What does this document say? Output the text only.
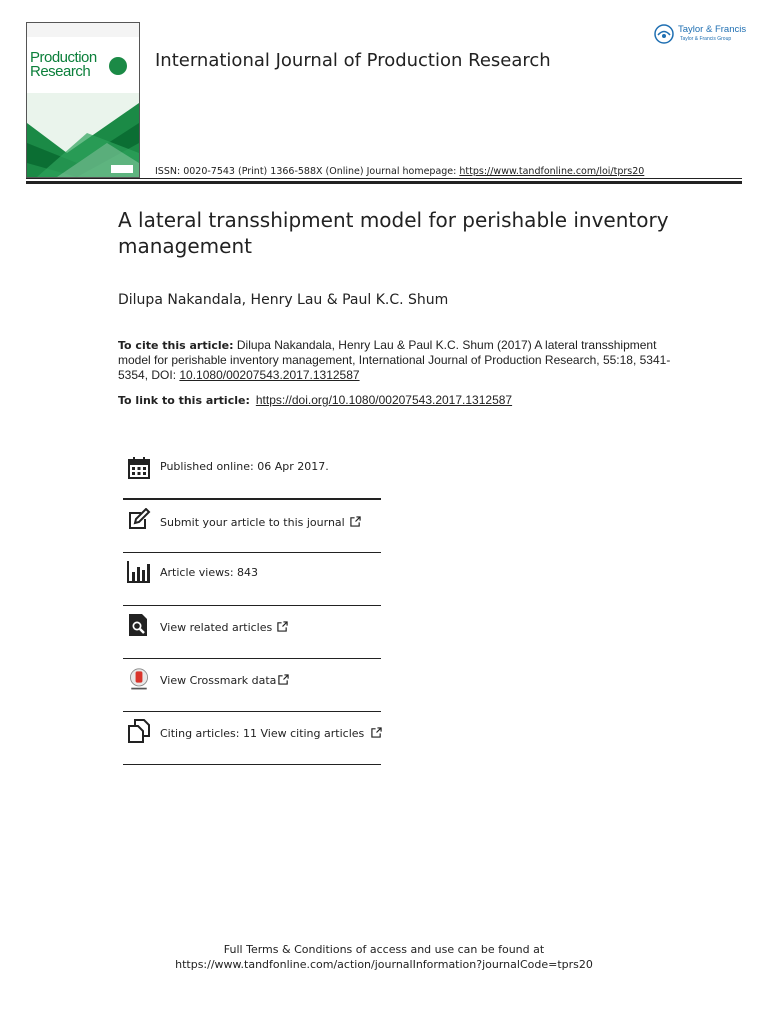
Production
Research
International Journal of Production Research
Taylor & Francis
Taylor & Francis Group
ISSN: 0020-7543 (Print) 1366-588X (Online) Journal homepage: https://www.tandfonline.com/loi/tprs20
A lateral transshipment model for perishable inventory management
Dilupa Nakandala, Henry Lau & Paul K.C. Shum
To cite this article: Dilupa Nakandala, Henry Lau & Paul K.C. Shum (2017) A lateral transshipment model for perishable inventory management, International Journal of Production Research, 55:18, 5341-5354, DOI: 10.1080/00207543.2017.1312587
To link to this article: https://doi.org/10.1080/00207543.2017.1312587
Published online: 06 Apr 2017.
Submit your article to this journal
Article views: 843
View related articles
View Crossmark data
Citing articles: 11 View citing articles
Full Terms & Conditions of access and use can be found at
https://www.tandfonline.com/action/journalInformation?journalCode=tprs20
